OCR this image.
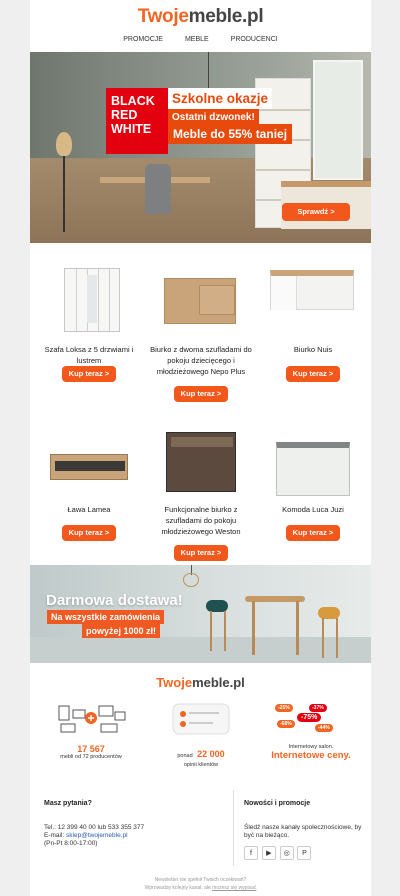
Twojemeble.pl
PROMOCJE	MEBLE	PRODUCENCI
BLACK
RED
WHITE
Szkolne okazje
Ostatni dzwonek!
Meble do 55% taniej
Sprawdź >
Szafa Loksa z 5 drzwiami i lustrem
Kup teraz >
Biurko z dwoma szufladami do pokoju dziecięcego i młodzieżowego Nepo Plus
Kup teraz >
Biurko Nuis
Kup teraz >
Ława Lamea
Kup teraz >
Funkcjonalne biurko z szufladami do pokoju młodzieżowego Weston
Kup teraz >
Komoda Luca Juzi
Kup teraz >
Darmowa dostawa!
Na wszystkie zamówienia
powyżej 1000 zł!
Twojemeble.pl
17 567
mebli od 72 producentów	ponad 22 000
opinii klientów
-25%	-37%
-75%
-68%
-44%
Internetowy salon.
Internetowe ceny.
Masz pytania?
Tel.: 12 399 40 00 lub 533 355 377
E-mail: sklep@twojemeble.pl
(Pn-Pt 8:00-17:00)
Nowości i promocje
Śledź nasze kanały społecznościowe, by być na bieżąco.
f ▶ ◎ P
Newsletter nie spełnił Twoich oczekiwań?
Wprowadzę kolejny kanał, ale możesz się wypisać
